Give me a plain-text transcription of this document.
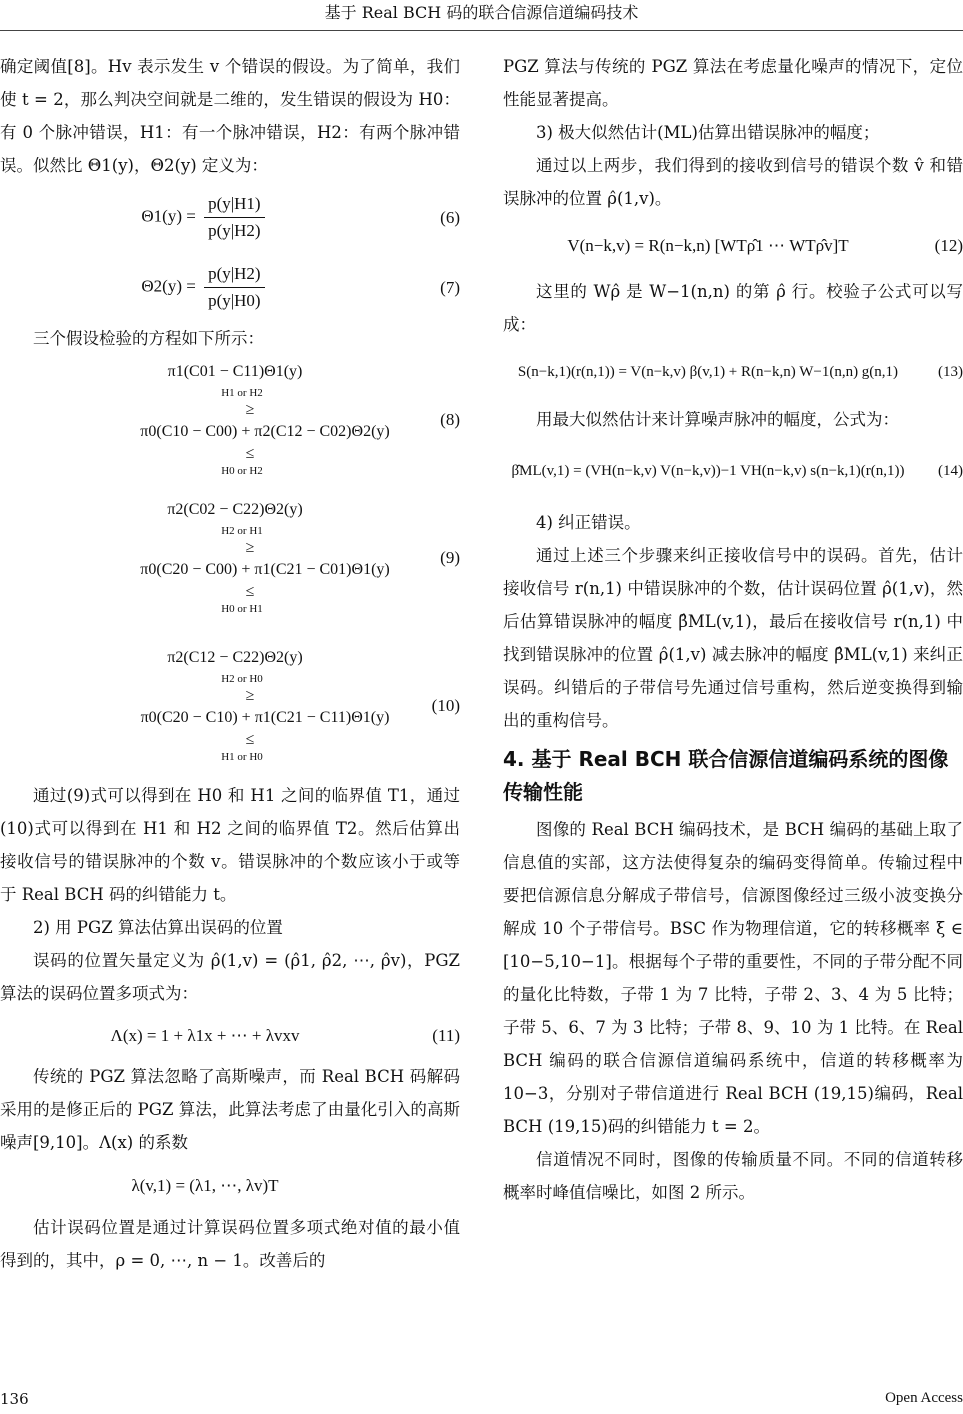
基于 Real BCH 码的联合信源信道编码技术

确定阈值[8]。Hv 表示发生 v 个错误的假设。为了简单，我们使 t = 2，那么判决空间就是二维的，发生错误的假设为 H0：有 0 个脉冲错误，H1：有一个脉冲错误，H2：有两个脉冲错误。似然比 Θ1(y)，Θ2(y) 定义为：

$\Theta 1(y) = \frac{p(y|H1)}{p(y|H2)}$	(6)
$\Theta 2(y) = \frac{p(y|H2)}{p(y|H0)}$	(7)

三个假设检验的方程如下所示：

π1(C01 − C11)Θ1(y)
H1 or H2
≥
π0(C10 − C00) + π2(C12 − C02)Θ2(y)
≤
H0 or H2
(8)
π2(C02 − C22)Θ2(y)
H2 or H1
≥
π0(C20 − C00) + π1(C21 − C01)Θ1(y)
≤
H0 or H1
(9)
π2(C12 − C22)Θ2(y)
H2 or H0
≥
π0(C20 − C10) + π1(C21 − C11)Θ1(y)
≤
H1 or H0
(10)

通过(9)式可以得到在 H0 和 H1 之间的临界值 T1，通过(10)式可以得到在 H1 和 H2 之间的临界值 T2。然后估算出接收信号的错误脉冲的个数 v。错误脉冲的个数应该小于或等于 Real BCH 码的纠错能力 t。

2) 用 PGZ 算法估算出误码的位置

误码的位置矢量定义为 ρ̂(1,v) = (ρ̂1, ρ̂2, ⋯, ρ̂v)，PGZ 算法的误码位置多项式为：

Λ(x) = 1 + λ1x + ⋯ + λvxv	(11)

传统的 PGZ 算法忽略了高斯噪声，而 Real BCH 码解码采用的是修正后的 PGZ 算法，此算法考虑了由量化引入的高斯噪声[9,10]。Λ(x) 的系数

λ(v,1) = (λ1, ⋯, λv)T

估计误码位置是通过计算误码位置多项式绝对值的最小值得到的，其中，ρ = 0, ⋯, n − 1。改善后的

PGZ 算法与传统的 PGZ 算法在考虑量化噪声的情况下，定位性能显著提高。

3) 极大似然估计(ML)估算出错误脉冲的幅度；

通过以上两步，我们得到的接收到信号的错误个数 v̂ 和错误脉冲的位置 ρ̂(1,v)。

V(n−k,v) = R(n−k,n) [WTρ̂1 ⋯ WTρ̂v]T	(12)

这里的 Wρ̂ 是 W−1(n,n) 的第 ρ̂ 行。校验子公式可以写成：

S(n−k,1)(r(n,1)) = V(n−k,v) β(v,1) + R(n−k,n) W−1(n,n) g(n,1)	(13)

用最大似然估计来计算噪声脉冲的幅度，公式为：

β̂ML(v,1) = (VH(n−k,v) V(n−k,v))−1 VH(n−k,v) s(n−k,1)(r(n,1))	(14)

4) 纠正错误。

通过上述三个步骤来纠正接收信号中的误码。首先，估计接收信号 r(n,1) 中错误脉冲的个数，估计误码位置 ρ̂(1,v)，然后估算错误脉冲的幅度 β̂ML(v,1)，最后在接收信号 r(n,1) 中找到错误脉冲的位置 ρ̂(1,v) 减去脉冲的幅度 β̂ML(v,1) 来纠正误码。纠错后的子带信号先通过信号重构，然后逆变换得到输出的重构信号。

4. 基于 Real BCH 联合信源信道编码系统的图像传输性能

图像的 Real BCH 编码技术，是 BCH 编码的基础上取了信息值的实部，这方法使得复杂的编码变得简单。传输过程中要把信源信息分解成子带信号，信源图像经过三级小波变换分解成 10 个子带信号。BSC 作为物理信道，它的转移概率 ξ ∈ [10−5,10−1]。根据每个子带的重要性，不同的子带分配不同的量化比特数，子带 1 为 7 比特，子带 2、3、4 为 5 比特；子带 5、6、7 为 3 比特；子带 8、9、10 为 1 比特。在 Real BCH 编码的联合信源信道编码系统中，信道的转移概率为10−3，分别对子带信道进行 Real BCH (19,15)编码，Real BCH (19,15)码的纠错能力 t = 2。

信道情况不同时，图像的传输质量不同。不同的信道转移概率时峰值信噪比，如图 2 所示。

136	Open Access
